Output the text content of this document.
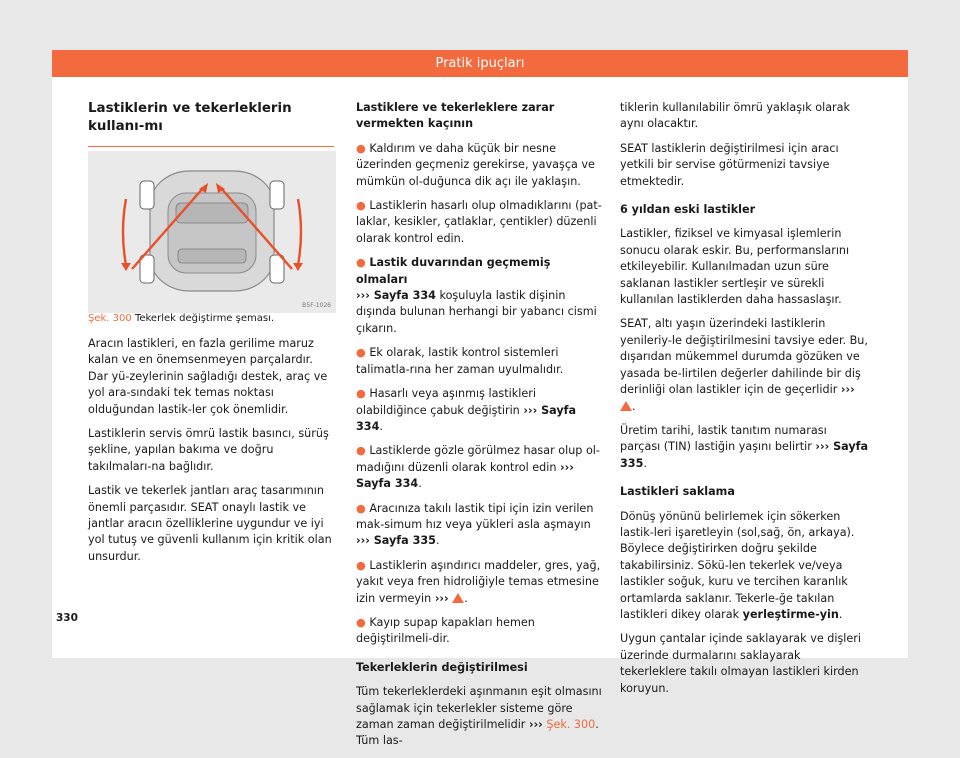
Pratik ipuçları

Lastiklerin ve tekerleklerin kullanı-mı

B5F-1026
Şek. 300 Tekerlek değiştirme şeması.

Aracın lastikleri, en fazla gerilime maruz kalan ve en önemsenmeyen parçalardır. Dar yü-zeylerinin sağladığı destek, araç ve yol ara-sındaki tek temas noktası olduğundan lastik-ler çok önemlidir.

Lastiklerin servis ömrü lastik basıncı, sürüş şekline, yapılan bakıma ve doğru takılmaları-na bağlıdır.

Lastik ve tekerlek jantları araç tasarımının önemli parçasıdır. SEAT onaylı lastik ve jantlar aracın özelliklerine uygundur ve iyi yol tutuş ve güvenli kullanım için kritik olan unsurdur.

Lastiklere ve tekerleklere zarar vermekten kaçının

● Kaldırım ve daha küçük bir nesne üzerinden geçmeniz gerekirse, yavaşça ve mümkün ol-duğunca dik açı ile yaklaşın.

● Lastiklerin hasarlı olup olmadıklarını (pat-laklar, kesikler, çatlaklar, çentikler) düzenli olarak kontrol edin.

● Lastik duvarından geçmemiş olmaları
››› Sayfa 334 koşuluyla lastik dişinin dışında bulunan herhangi bir yabancı cismi çıkarın.

● Ek olarak, lastik kontrol sistemleri talimatla-rına her zaman uyulmalıdır.

● Hasarlı veya aşınmış lastikleri olabildiğince çabuk değiştirin ››› Sayfa 334.

● Lastiklerde gözle görülmez hasar olup ol-madığını düzenli olarak kontrol edin ››› Sayfa 334.

● Aracınıza takılı lastik tipi için izin verilen mak-simum hız veya yükleri asla aşmayın ››› Sayfa 335.

● Lastiklerin aşındırıcı maddeler, gres, yağ, yakıt veya fren hidroliğiyle temas etmesine izin vermeyin ››› .

● Kayıp supap kapakları hemen değiştirilmeli-dir.

Tekerleklerin değiştirilmesi

Tüm tekerleklerdeki aşınmanın eşit olmasını sağlamak için tekerlekler sisteme göre zaman zaman değiştirilmelidir ››› Şek. 300. Tüm las-

tiklerin kullanılabilir ömrü yaklaşık olarak aynı olacaktır.

SEAT lastiklerin değiştirilmesi için aracı yetkili bir servise götürmenizi tavsiye etmektedir.

6 yıldan eski lastikler

Lastikler, fiziksel ve kimyasal işlemlerin sonucu olarak eskir. Bu, performanslarını etkileyebilir. Kullanılmadan uzun süre saklanan lastikler sertleşir ve sürekli kullanılan lastiklerden daha hassaslaşır.

SEAT, altı yaşın üzerindeki lastiklerin yenileriy-le değiştirilmesini tavsiye eder. Bu, dışarıdan mükemmel durumda gözüken ve yasada be-lirtilen değerler dahilinde bir diş derinliği olan lastikler için de geçerlidir ››› .

Üretim tarihi, lastik tanıtım numarası parçası (TIN) lastiğin yaşını belirtir ››› Sayfa 335.

Lastikleri saklama

Dönüş yönünü belirlemek için sökerken lastik-leri işaretleyin (sol,sağ, ön, arkaya). Böylece değiştirirken doğru şekilde takabilirsiniz. Sökü-len tekerlek ve/veya lastikler soğuk, kuru ve tercihen karanlık ortamlarda saklanır. Tekerle-ğe takılan lastikleri dikey olarak yerleştirme-yin.

Uygun çantalar içinde saklayarak ve dişleri üzerinde durmalarını saklayarak tekerleklere takılı olmayan lastikleri kirden koruyun.

330
